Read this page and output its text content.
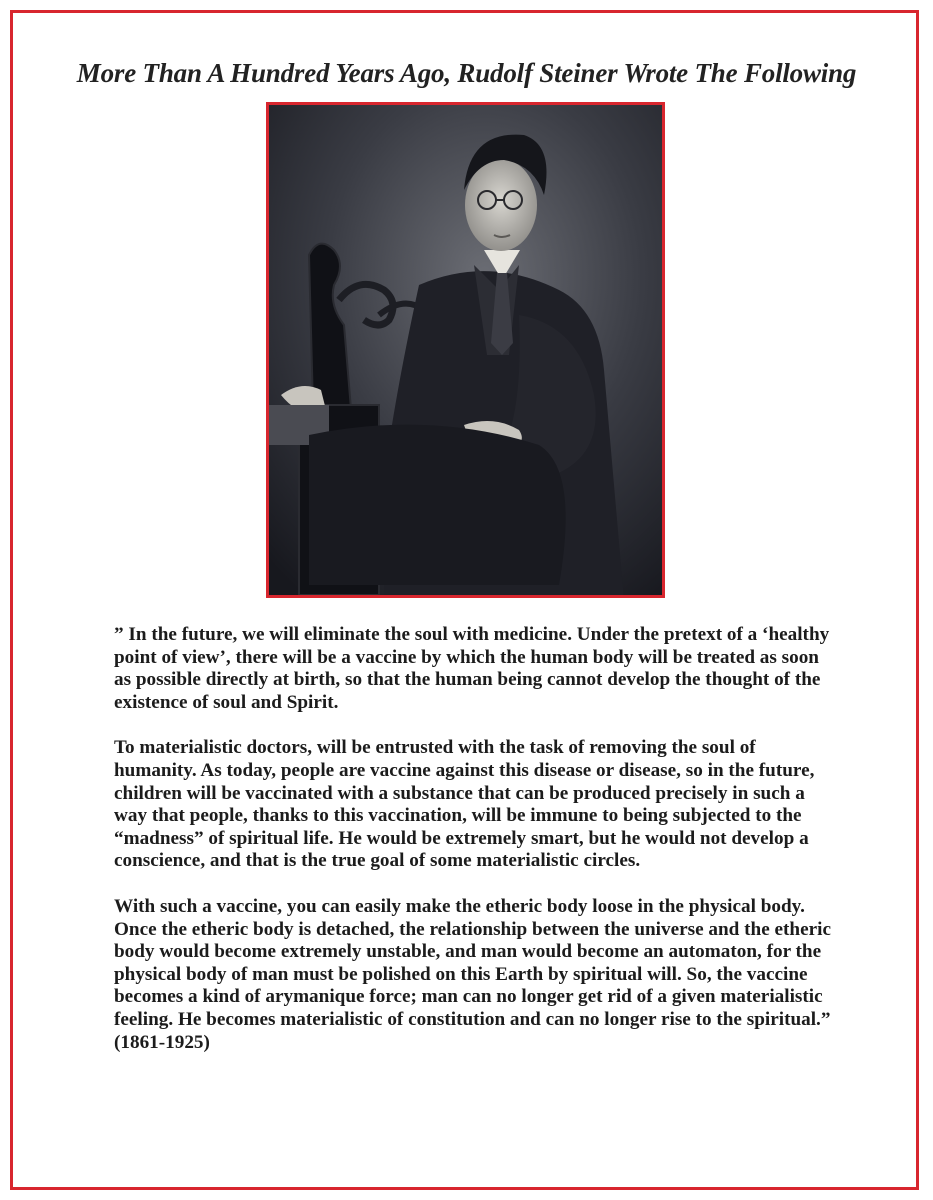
More Than A Hundred Years Ago, Rudolf Steiner Wrote The Following

” In the future, we will eliminate the soul with medicine. Under the pretext of a ‘healthy point of view’, there will be a vaccine by which the human body will be treated as soon as possible directly at birth, so that the human being cannot develop the thought of the existence of soul and Spirit.

To materialistic doctors, will be entrusted with the task of removing the soul of humanity. As today, people are vaccine against this disease or disease, so in the future, children will be vaccinated with a substance that can be produced precisely in such a way that people, thanks to this vaccination, will be immune to being subjected to the “madness” of spiritual life. He would be extremely smart, but he would not develop a conscience, and that is the true goal of some materialistic circles.

With such a vaccine, you can easily make the etheric body loose in the physical body. Once the etheric body is detached, the relationship between the universe and the etheric body would become extremely unstable, and man would become an automaton, for the physical body of man must be polished on this Earth by spiritual will. So, the vaccine becomes a kind of arymanique force; man can no longer get rid of a given materialistic feeling. He becomes materialistic of constitution and can no longer rise to the spiritual.” (1861-1925)
